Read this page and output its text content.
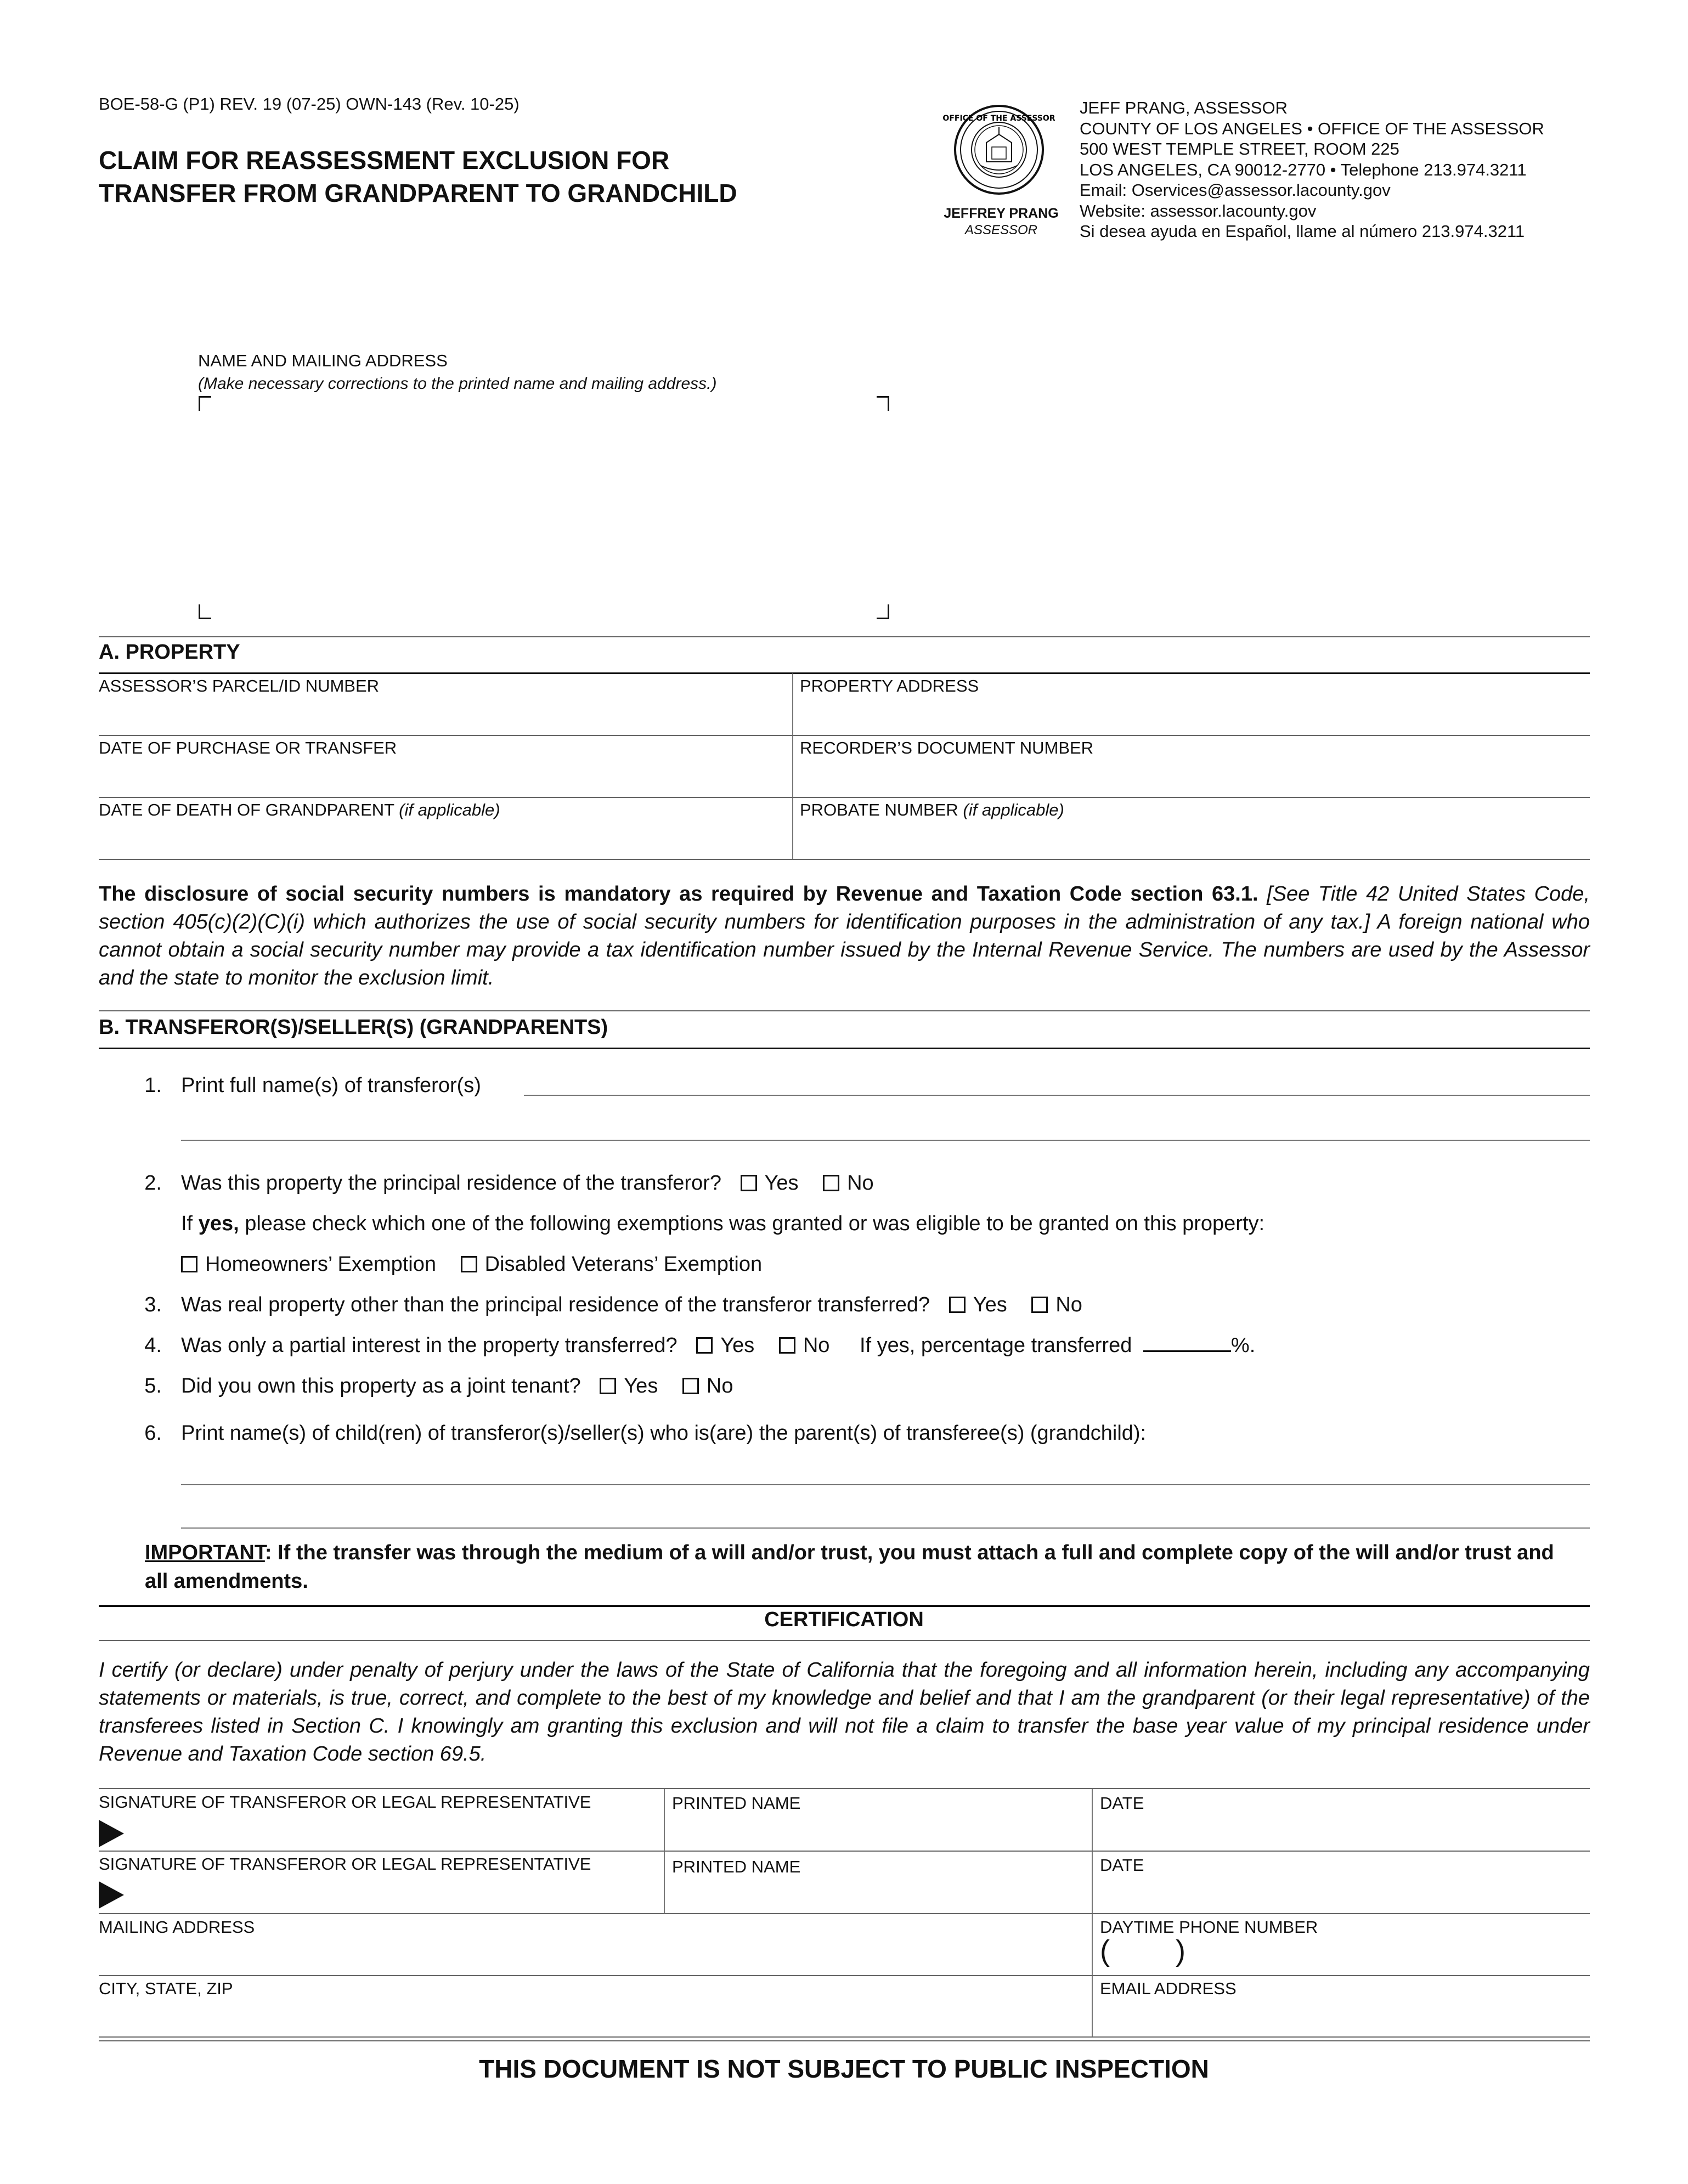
BOE-58-G (P1) REV. 19 (07-25) OWN-143 (Rev. 10-25)
CLAIM FOR REASSESSMENT EXCLUSION FOR
TRANSFER FROM GRANDPARENT TO GRANDCHILD
OFFICE OF THE ASSESSOR
JEFFREY PRANG
ASSESSOR
JEFF PRANG, ASSESSOR
COUNTY OF LOS ANGELES • OFFICE OF THE ASSESSOR
500 WEST TEMPLE STREET, ROOM 225
LOS ANGELES, CA 90012-2770 • Telephone 213.974.3211
Email: Oservices@assessor.lacounty.gov
Website: assessor.lacounty.gov
Si desea ayuda en Español, llame al número 213.974.3211
NAME AND MAILING ADDRESS
(Make necessary corrections to the printed name and mailing address.)
A. PROPERTY
ASSESSOR’S PARCEL/ID NUMBER	PROPERTY ADDRESS
DATE OF PURCHASE OR TRANSFER	RECORDER’S DOCUMENT NUMBER
DATE OF DEATH OF GRANDPARENT (if applicable)	PROBATE NUMBER (if applicable)
The disclosure of social security numbers is mandatory as required by Revenue and Taxation Code section 63.1. [See Title 42 United States Code, section 405(c)(2)(C)(i) which authorizes the use of social security numbers for identification purposes in the administration of any tax.] A foreign national who cannot obtain a social security number may provide a tax identification number issued by the Internal Revenue Service. The numbers are used by the Assessor and the state to monitor the exclusion limit.
B. TRANSFEROR(S)/SELLER(S) (GRANDPARENTS)
1. Print full name(s) of transferor(s)
2. Was this property the principal residence of the transferor? Yes No
If yes, please check which one of the following exemptions was granted or was eligible to be granted on this property:
Homeowners’ Exemption Disabled Veterans’ Exemption
3. Was real property other than the principal residence of the transferor transferred? Yes No
4. Was only a partial interest in the property transferred? Yes No If yes, percentage transferred	%.
5. Did you own this property as a joint tenant? Yes No
6. Print name(s) of child(ren) of transferor(s)/seller(s) who is(are) the parent(s) of transferee(s) (grandchild):
IMPORTANT: If the transfer was through the medium of a will and/or trust, you must attach a full and complete copy of the will and/or trust and all amendments.
CERTIFICATION
I certify (or declare) under penalty of perjury under the laws of the State of California that the foregoing and all information herein, including any accompanying statements or materials, is true, correct, and complete to the best of my knowledge and belief and that I am the grandparent (or their legal representative) of the transferees listed in Section C. I knowingly am granting this exclusion and will not file a claim to transfer the base year value of my principal residence under Revenue and Taxation Code section 69.5.
SIGNATURE OF TRANSFEROR OR LEGAL REPRESENTATIVE	PRINTED NAME	DATE
SIGNATURE OF TRANSFEROR OR LEGAL REPRESENTATIVE	PRINTED NAME	DATE
MAILING ADDRESS	DAYTIME PHONE NUMBER
(        )
CITY, STATE, ZIP	EMAIL ADDRESS
THIS DOCUMENT IS NOT SUBJECT TO PUBLIC INSPECTION
